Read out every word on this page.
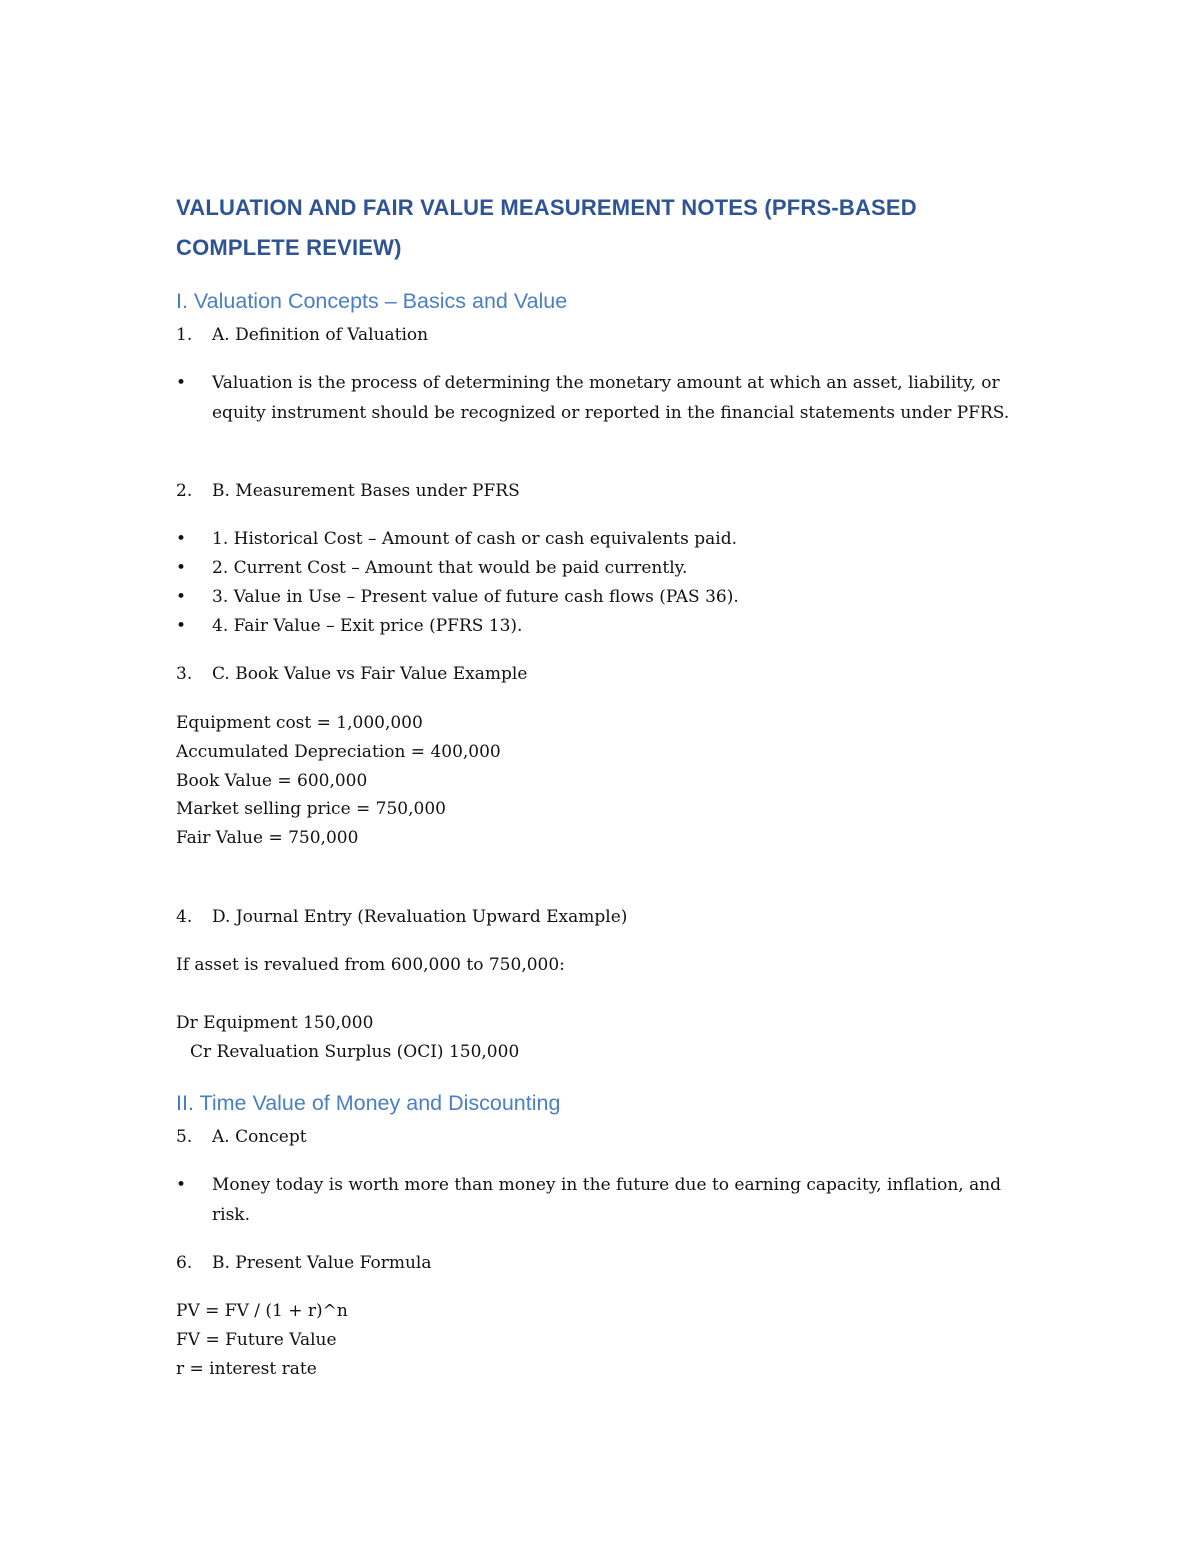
VALUATION AND FAIR VALUE MEASUREMENT NOTES (PFRS-BASED
COMPLETE REVIEW)
I. Valuation Concepts – Basics and Value
1. A. Definition of Valuation
• Valuation is the process of determining the monetary amount at which an asset, liability, or equity instrument should be recognized or reported in the financial statements under PFRS.
2. B. Measurement Bases under PFRS
• 1. Historical Cost – Amount of cash or cash equivalents paid.
• 2. Current Cost – Amount that would be paid currently.
• 3. Value in Use – Present value of future cash flows (PAS 36).
• 4. Fair Value – Exit price (PFRS 13).
3. C. Book Value vs Fair Value Example
Equipment cost = 1,000,000
Accumulated Depreciation = 400,000
Book Value = 600,000
Market selling price = 750,000
Fair Value = 750,000
4. D. Journal Entry (Revaluation Upward Example)
If asset is revalued from 600,000 to 750,000:
Dr Equipment 150,000
Cr Revaluation Surplus (OCI) 150,000
II. Time Value of Money and Discounting
5. A. Concept
• Money today is worth more than money in the future due to earning capacity, inflation, and risk.
6. B. Present Value Formula
PV = FV / (1 + r)^n
FV = Future Value
r = interest rate
